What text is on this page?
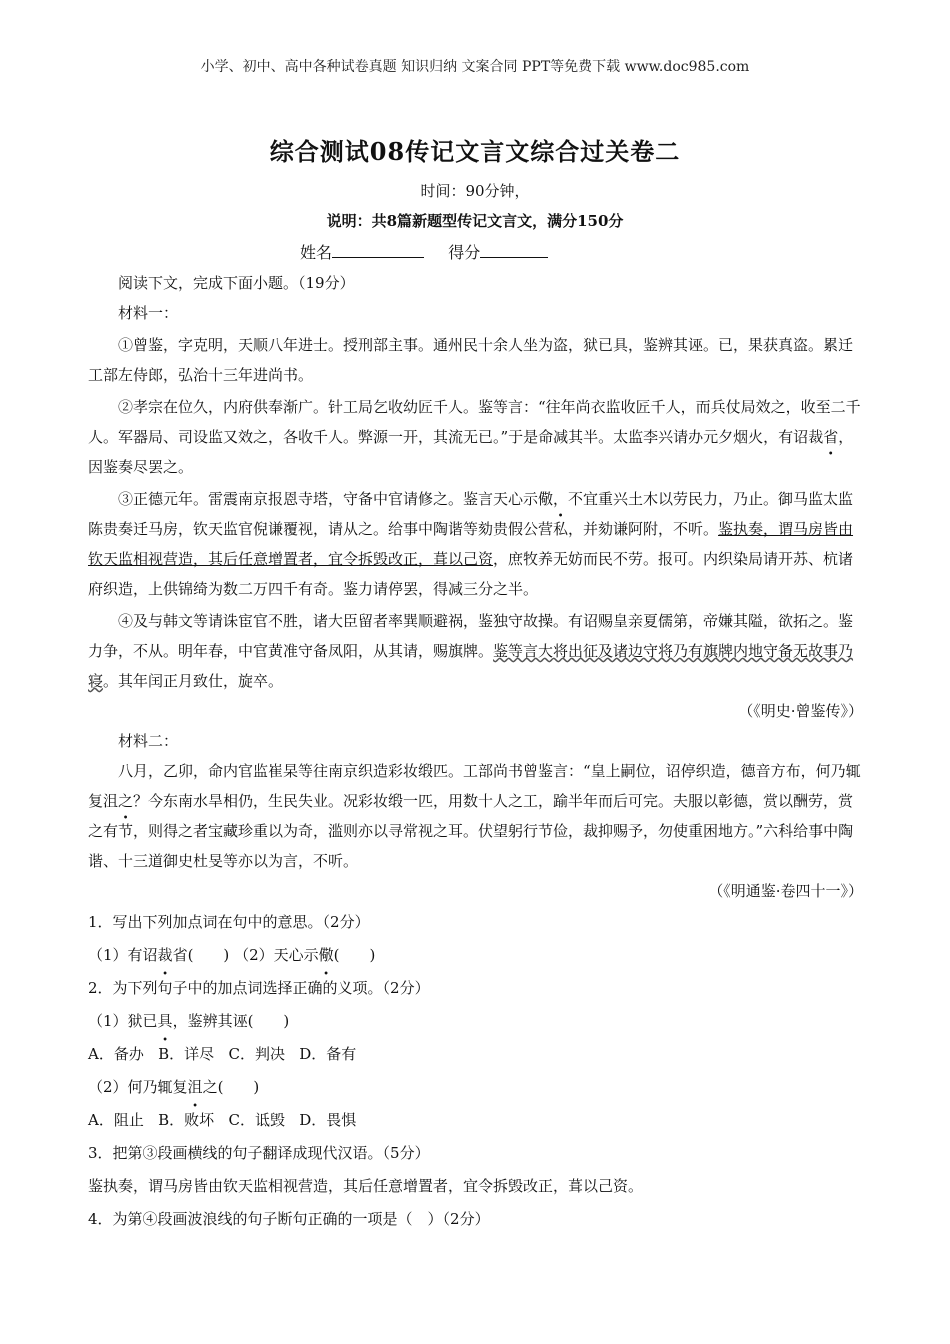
小学、初中、高中各种试卷真题 知识归纳 文案合同 PPT等免费下载 www.doc985.com
综合测试08传记文言文综合过关卷二
时间：90分钟，
说明：共8篇新题型传记文言文，满分150分
姓名	得分

阅读下文，完成下面小题。（19分）

材料一：

①曾鉴，字克明，天顺八年进士。授刑部主事。通州民十余人坐为盗，狱已具，鉴辨其诬。已，果获真盗。累迁工部左侍郎，弘治十三年进尚书。

②孝宗在位久，内府供奉渐广。针工局乞收幼匠千人。鉴等言：“往年尚衣监收匠千人，而兵仗局效之，收至二千人。军器局、司设监又效之，各收千人。弊源一开，其流无已。”于是命减其半。太监李兴请办元夕烟火，有诏裁省，因鉴奏尽罢之。

③正德元年。雷震南京报恩寺塔，守备中官请修之。鉴言天心示儆，不宜重兴土木以劳民力，乃止。御马监太监陈贵奏迁马房，钦天监官倪谦覆视，请从之。给事中陶谐等劾贵假公营私，并劾谦阿附，不听。鉴执奏，谓马房皆由钦天监相视营造，其后任意增置者，宜令拆毁改正，葺以己资，庶牧养无妨而民不劳。报可。内织染局请开苏、杭诸府织造，上供锦绮为数二万四千有奇。鉴力请停罢，得减三分之半。

④及与韩文等请诛宦官不胜，诸大臣留者率巽顺避祸，鉴独守故操。有诏赐皇亲夏儒第，帝嫌其隘，欲拓之。鉴力争，不从。明年春，中官黄准守备凤阳，从其请，赐旗牌。鉴等言大将出征及诸边守将乃有旗牌内地守备无故事乃寝。其年闰正月致仕，旋卒。

（《明史·曾鉴传》）

材料二：

八月，乙卯，命内官监崔杲等往南京织造彩妆缎匹。工部尚书曾鉴言：“皇上嗣位，诏停织造，德音方布，何乃辄复沮之？今东南水旱相仍，生民失业。况彩妆缎一匹，用数十人之工，踰半年而后可完。夫服以彰德，赏以酬劳，赏之有节，则得之者宝藏珍重以为奇，滥则亦以寻常视之耳。伏望躬行节俭，裁抑赐予，勿使重困地方。”六科给事中陶谐、十三道御史杜旻等亦以为言，不听。

（《明通鉴·卷四十一》）

1．写出下列加点词在句中的意思。（2分）

（1）有诏裁省(　　) （2）天心示儆(　　)

2．为下列句子中的加点词选择正确的义项。（2分）

（1）狱已具，鉴辨其诬(　　)

A．备办   B．详尽   C．判决   D．备有

（2）何乃辄复沮之(　　)

A．阻止   B．败坏   C．诋毁   D．畏惧

3．把第③段画横线的句子翻译成现代汉语。（5分）

鉴执奏，谓马房皆由钦天监相视营造，其后任意增置者，宜令拆毁改正，葺以己资。

4．为第④段画波浪线的句子断句正确的一项是（　）（2分）
